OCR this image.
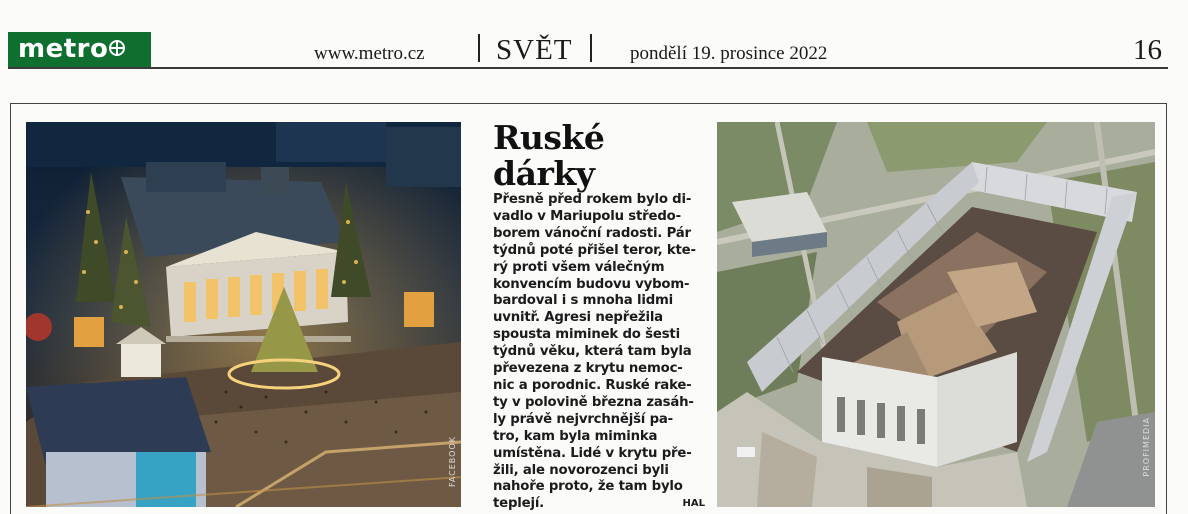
metro	www.metro.cz SVĚT	pondělí 19. prosince 2022	16
FACEBOOK
Ruské dárky
Přesně před rokem bylo di-
vadlo v Mariupolu středo-
borem vánoční radosti. Pár
týdnů poté přišel teror, kte-
rý proti všem válečným
konvencím budovu vybom-
bardoval i s mnoha lidmi
uvnitř. Agresi nepřežila
spousta miminek do šesti
týdnů věku, která tam byla
převezena z krytu nemoc-
nic a porodnic. Ruské rake-
ty v polovině března zasáh-
ly právě nejvrchnější pa-
tro, kam byla miminka
umístěna. Lidé v krytu pře-
žili, ale novorozenci byli
nahoře proto, že tam bylo
teplejí.	HAL
PROFIMEDIA
